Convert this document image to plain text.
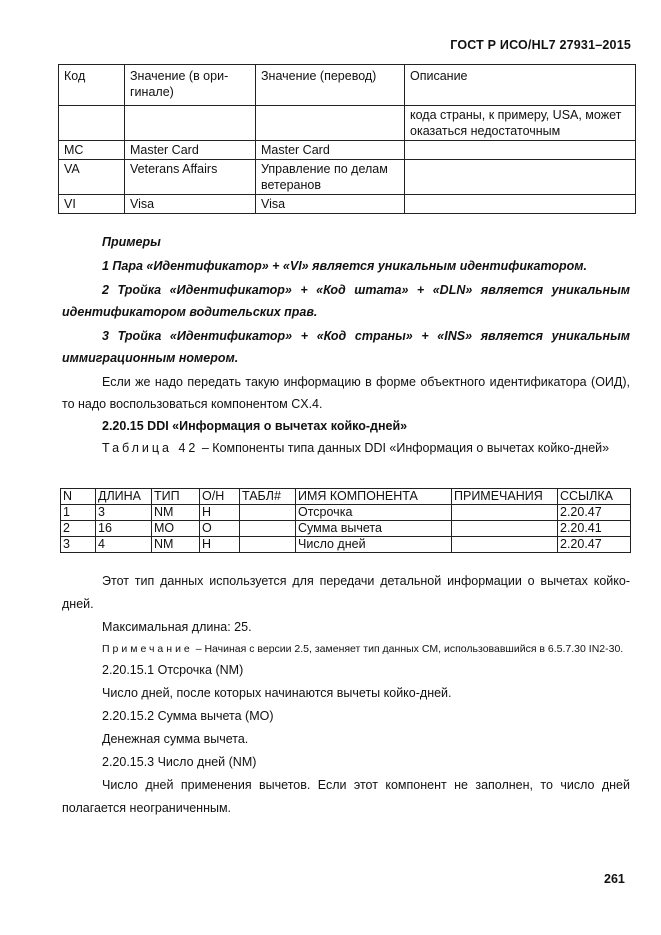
ГОСТ Р ИСО/HL7 27931–2015
Код	Значение (в оригинале)	Значение (перевод)	Описание
			кода страны, к примеру, USA, может оказаться недостаточным
MC	Master Card	Master Card	
VA	Veterans Affairs	Управление по делам ветеранов	
VI	Visa	Visa	
Примеры
1 Пара «Идентификатор» + «VI» является уникальным идентификатором.
2 Тройка «Идентификатор» + «Код штата» + «DLN» является уникальным идентификатором водительских прав.
3 Тройка «Идентификатор» + «Код страны» + «INS» является уникальным иммиграционным номером.
Если же надо передать такую информацию в форме объектного идентификатора (ОИД), то надо воспользоваться компонентом CX.4.
2.20.15 DDI «Информация о вычетах койко-дней»
Таблица 42 – Компоненты типа данных DDI «Информация о вычетах койко-дней»
N	ДЛИНА	ТИП	О/Н	ТАБЛ#	ИМЯ КОМПОНЕНТА	ПРИМЕЧАНИЯ	ССЫЛКА
1	3	NM	Н		Отсрочка		2.20.47
2	16	MO	О		Сумма вычета		2.20.41
3	4	NM	Н		Число дней		2.20.47
Этот тип данных используется для передачи детальной информации о вычетах койко-дней.
Максимальная длина: 25.
Примечание – Начиная с версии 2.5, заменяет тип данных CM, использовавшийся в 6.5.7.30 IN2-30.
2.20.15.1 Отсрочка (NM)
Число дней, после которых начинаются вычеты койко-дней.
2.20.15.2 Сумма вычета (MO)
Денежная сумма вычета.
2.20.15.3 Число дней (NM)
Число дней применения вычетов. Если этот компонент не заполнен, то число дней полагается неограниченным.
261
